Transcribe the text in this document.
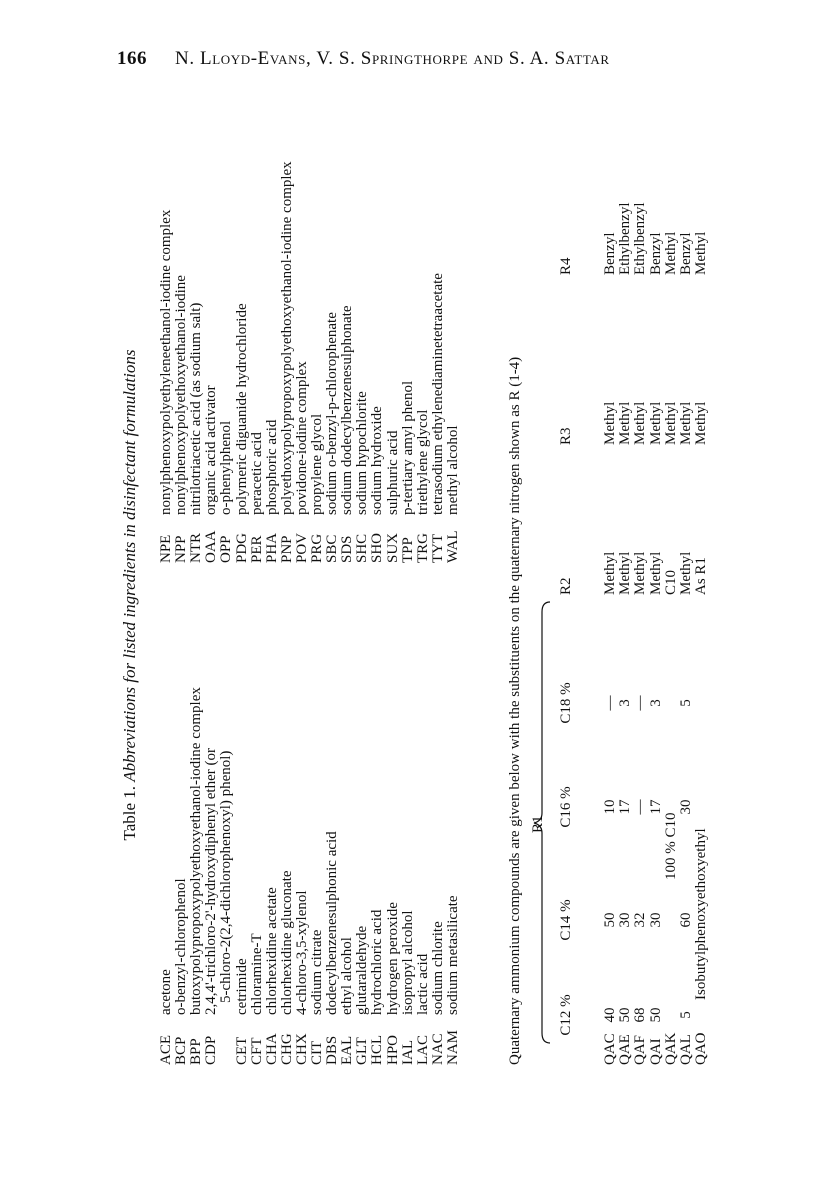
166 N. Lloyd-Evans, V. S. Springthorpe and S. A. Sattar
Table 1. Abbreviations for listed ingredients in disinfectant formulations
ACE
acetone
BCP
o-benzyl-chlorophenol
BPP
butoxypolypropoxypolyethoxyethanol-iodine complex
CDP
2,4,4'-trichloro-2'-hydroxydiphenyl ether (or 5-chloro-2(2,4-dichlorophenoxyl) phenol)
CET
cetrimide
CFT
chloramine-T
CHA
chlorhexidine acetate
CHG
chlorhexidine gluconate
CHX
4-chloro-3,5-xylenol
CIT
sodium citrate
DBS
dodecylbenzenesulphonic acid
EAL
ethyl alcohol
GLT
glutaraldehyde
HCL
hydrochloric acid
HPO
hydrogen peroxide
IAL
isopropyl alcohol
LAC
lactic acid
NAC
sodium chlorite
NAM
sodium metasilicate
NPE
nonylphenoxypolyethyleneethanol-iodine complex
NPP
nonylphenoxypolyethoxyethanol-iodine
NTR
nitrilotriacetic acid (as sodium salt)
OAA
organic acid activator
OPP
o-phenylphenol
PDG
polymeric diguanide hydrochloride
PER
peracetic acid
PHA
phosphoric acid
PNP
polyethoxypolypropoxypolyethoxyethanol-iodine complex
POV
povidone-iodine complex
PRG
propylene glycol
SBC
sodium o-benzyl-p-chlorophenate
SDS
sodium dodecylbenzenesulphonate
SHC
sodium hypochlorite
SHO
sodium hydroxide
SUX
sulphuric acid
TPP
p-tertiary amyl phenol
TRG
triethylene glycol
TYT
tetrasodium ethylenediaminetetraacetate
WAL
methyl alcohol	Quaternary ammonium compounds are given below with the substituents on the quaternary nitrogen shown as R (1-4) R1
C12 %
C14 %
C16 %
C18 %
R2
R3
R4
QAC
40
50
10
—
Methyl
Methyl
Benzyl
QAE
50
30
17
3
Methyl
Methyl
Ethylbenzyl
QAF
68
32
—
—
Methyl
Methyl
Ethylbenzyl
QAI
50
30
17
3
Methyl
Methyl
Benzyl
QAK
100 % C10
C10
Methyl
Methyl
QAL
5
60
30
5
Methyl
Methyl
Benzyl
QAO
Isobutylphenoxyethoxyethyl
As R1
Methyl
Methyl
